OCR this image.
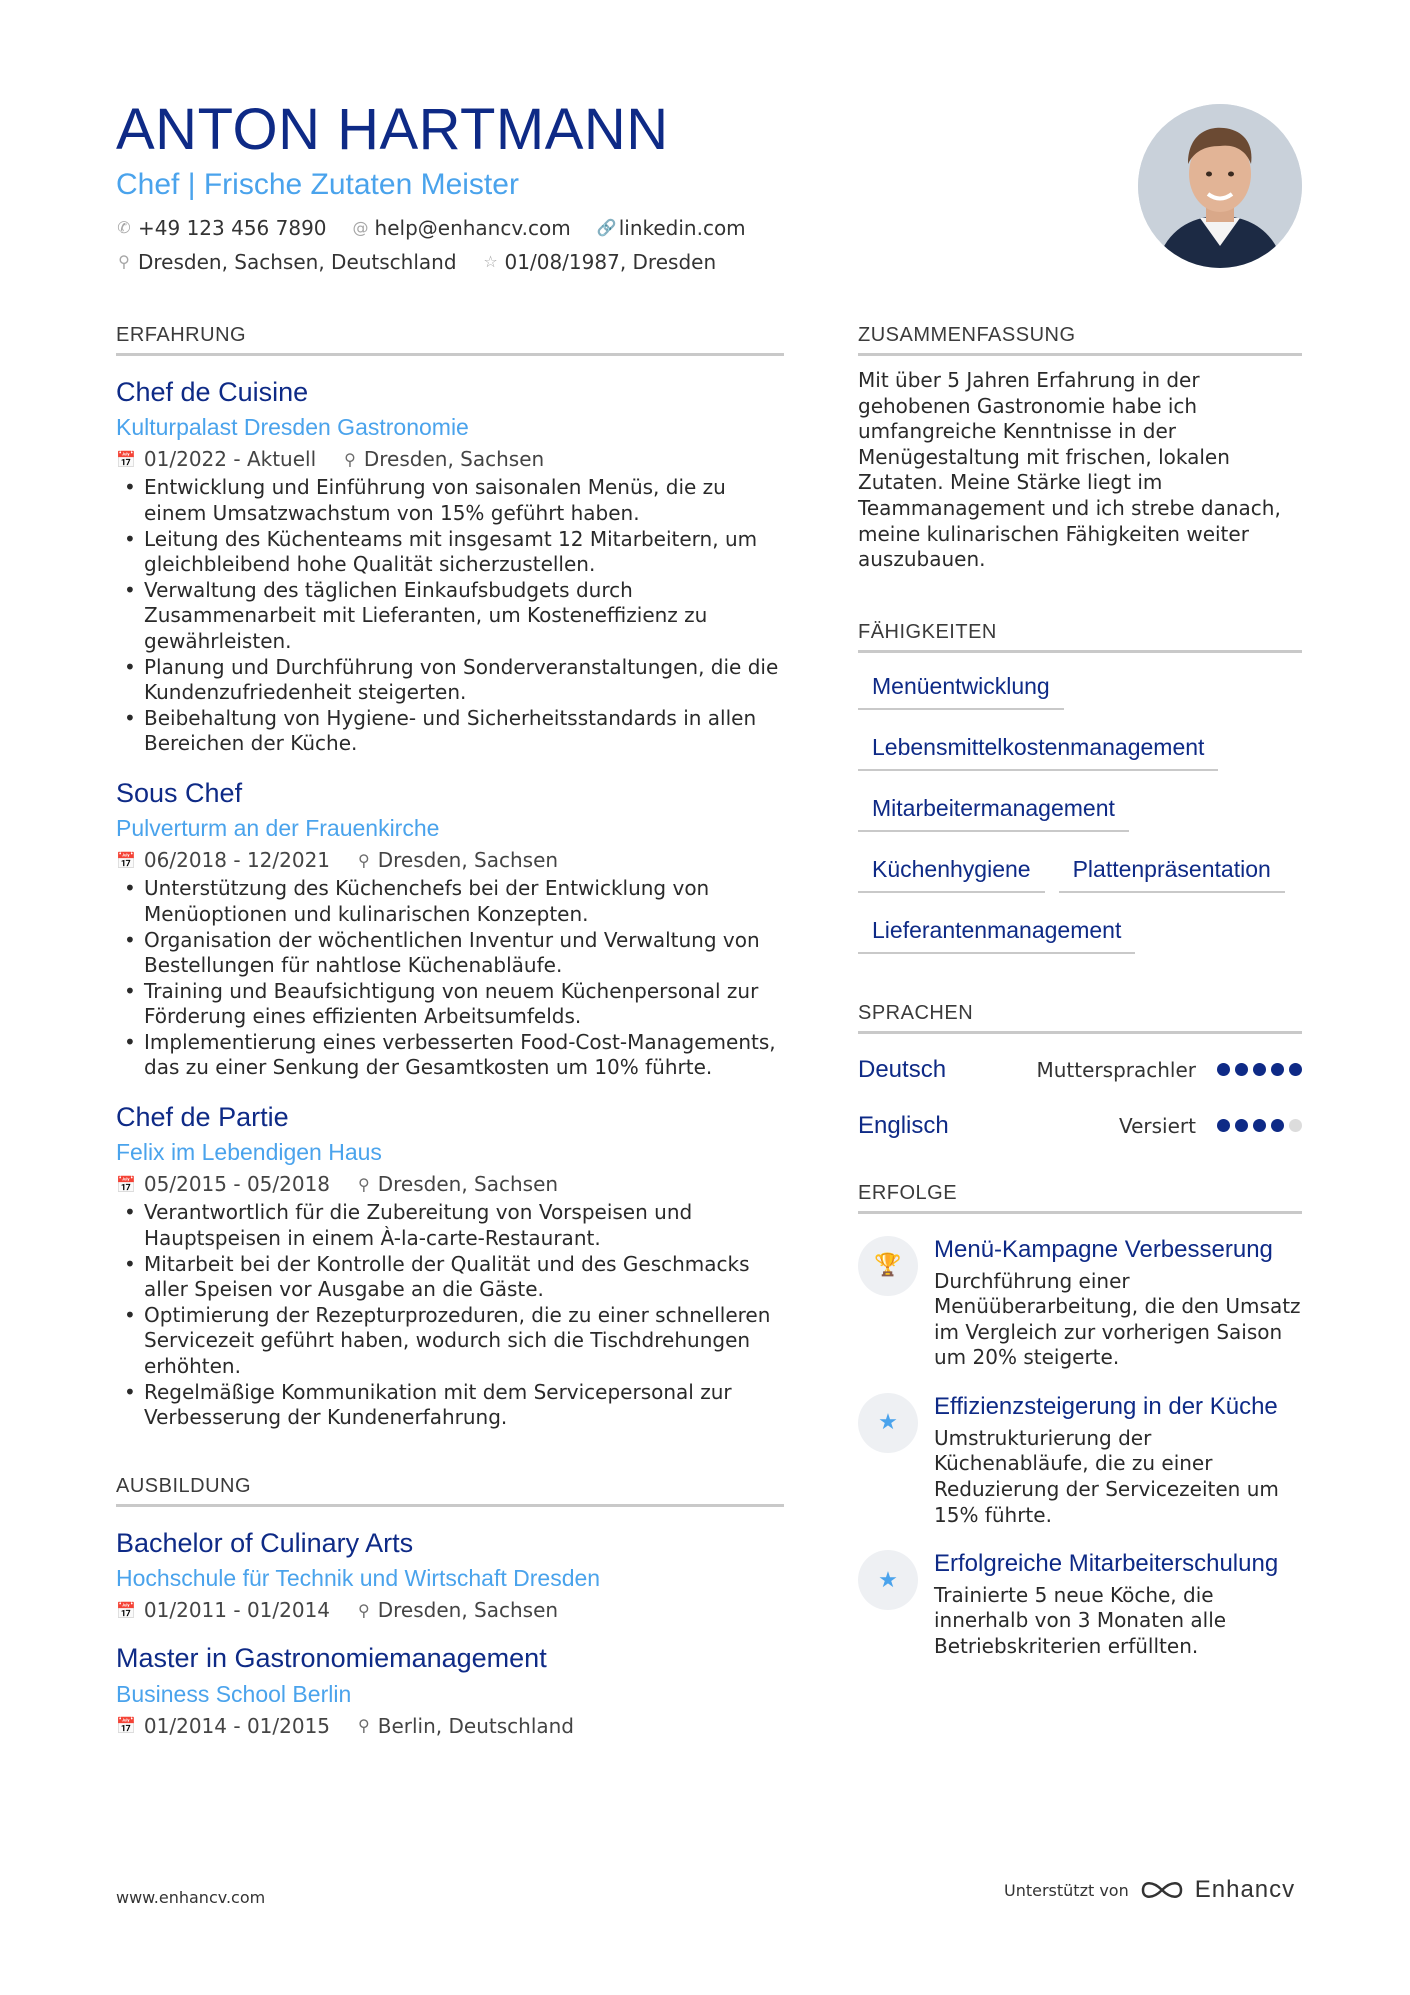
ANTON HARTMANN
Chef | Frische Zutaten Meister
✆ +49 123 456 7890 @ help@enhancv.com 🔗 linkedin.com
⚲ Dresden, Sachsen, Deutschland ☆ 01/08/1987, Dresden
ERFAHRUNG
Chef de Cuisine
Kulturpalast Dresden Gastronomie
📅 01/2022 - Aktuell ⚲ Dresden, Sachsen
• Entwicklung und Einführung von saisonalen Menüs, die zu einem Umsatzwachstum von 15% geführt haben.
• Leitung des Küchenteams mit insgesamt 12 Mitarbeitern, um gleichbleibend hohe Qualität sicherzustellen.
• Verwaltung des täglichen Einkaufsbudgets durch Zusammenarbeit mit Lieferanten, um Kosteneffizienz zu gewährleisten.
• Planung und Durchführung von Sonderveranstaltungen, die die Kundenzufriedenheit steigerten.
• Beibehaltung von Hygiene- und Sicherheitsstandards in allen Bereichen der Küche.
Sous Chef
Pulverturm an der Frauenkirche
📅 06/2018 - 12/2021 ⚲ Dresden, Sachsen
• Unterstützung des Küchenchefs bei der Entwicklung von Menüoptionen und kulinarischen Konzepten.
• Organisation der wöchentlichen Inventur und Verwaltung von Bestellungen für nahtlose Küchenabläufe.
• Training und Beaufsichtigung von neuem Küchenpersonal zur Förderung eines effizienten Arbeitsumfelds.
• Implementierung eines verbesserten Food-Cost-Managements, das zu einer Senkung der Gesamtkosten um 10% führte.
Chef de Partie
Felix im Lebendigen Haus
📅 05/2015 - 05/2018 ⚲ Dresden, Sachsen
• Verantwortlich für die Zubereitung von Vorspeisen und Hauptspeisen in einem À-la-carte-Restaurant.
• Mitarbeit bei der Kontrolle der Qualität und des Geschmacks aller Speisen vor Ausgabe an die Gäste.
• Optimierung der Rezepturprozeduren, die zu einer schnelleren Servicezeit geführt haben, wodurch sich die Tischdrehungen erhöhten.
• Regelmäßige Kommunikation mit dem Servicepersonal zur Verbesserung der Kundenerfahrung.
AUSBILDUNG
Bachelor of Culinary Arts
Hochschule für Technik und Wirtschaft Dresden
📅 01/2011 - 01/2014 ⚲ Dresden, Sachsen
Master in Gastronomiemanagement
Business School Berlin
📅 01/2014 - 01/2015 ⚲ Berlin, Deutschland
ZUSAMMENFASSUNG
Mit über 5 Jahren Erfahrung in der gehobenen Gastronomie habe ich umfangreiche Kenntnisse in der Menügestaltung mit frischen, lokalen Zutaten. Meine Stärke liegt im Teammanagement und ich strebe danach, meine kulinarischen Fähigkeiten weiter auszubauen.
FÄHIGKEITEN
Menüentwicklung
Lebensmittelkostenmanagement
Mitarbeitermanagement
Küchenhygiene	Plattenpräsentation
Lieferantenmanagement
SPRACHEN
Deutsch	Muttersprachler
Englisch	Versiert
ERFOLGE
🏆
Menü-Kampagne Verbesserung
Durchführung einer Menüüberarbeitung, die den Umsatz im Vergleich zur vorherigen Saison um 20% steigerte.
★
Effizienzsteigerung in der Küche
Umstrukturierung der Küchenabläufe, die zu einer Reduzierung der Servicezeiten um 15% führte.
★
Erfolgreiche Mitarbeiterschulung
Trainierte 5 neue Köche, die innerhalb von 3 Monaten alle Betriebskriterien erfüllten.
www.enhancv.com	Unterstützt von	Enhancv
